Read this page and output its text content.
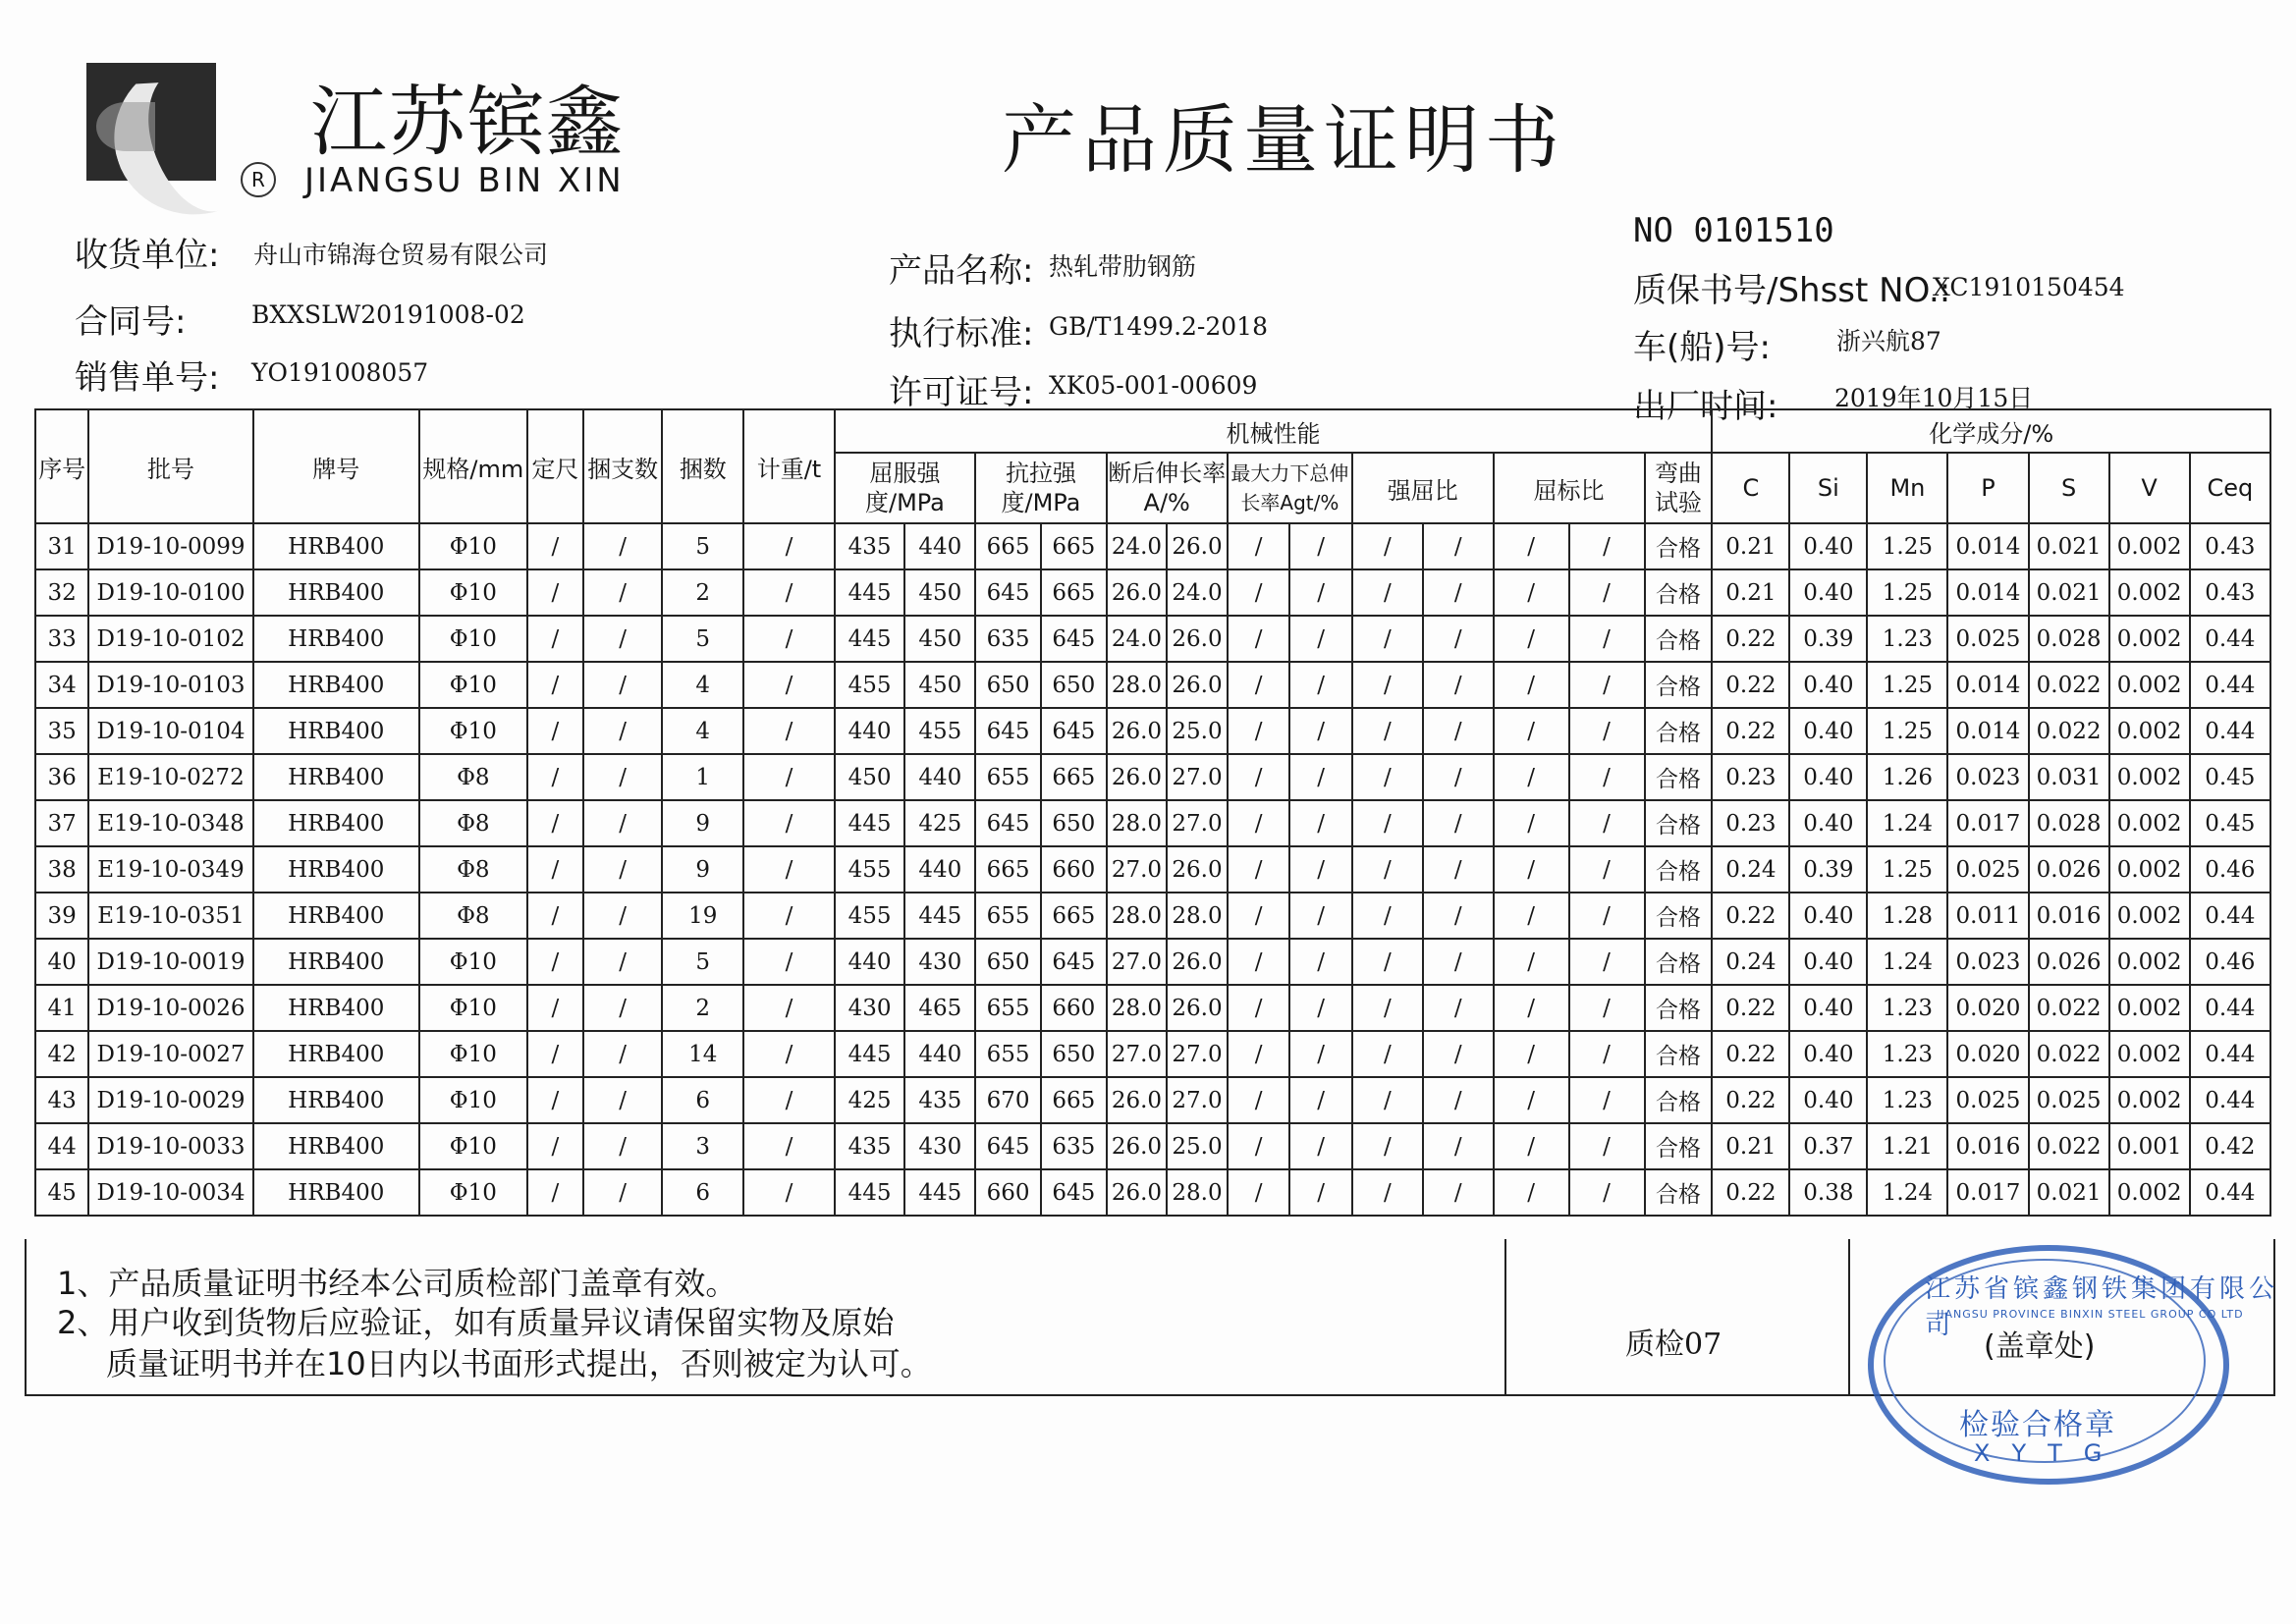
江苏镔鑫
R	JIANGSU BIN XIN	产品质量证明书
收货单位: 舟山市锦海仓贸易有限公司
合同号:	BXXSLW20191008-02
销售单号: YO191008057
产品名称: 热轧带肋钢筋
执行标准: GB/T1499.2-2018
许可证号: XK05-001-00609
NO 0101510
质保书号/Shsst NO.:
XC1910150454
车(船)号:	浙兴航87
出厂时间: 2019年10月15日
序号	批号	牌号	规格/mm	定尺	捆支数	捆数	计重/t	机械性能													化学成分/%						
								屈服强度/MPa		抗拉强度/MPa		断后伸长率A/%		最大力下总伸长率Agt/%		强屈比		屈标比		弯曲试验	C	Si	Mn	P	S	V	Ceq
31	D19-10-0099	HRB400	Φ10	/	/	5	/	435	440	665	665	24.0	26.0	/	/	/	/	/	/	合格	0.21	0.40	1.25	0.014	0.021	0.002	0.43
32	D19-10-0100	HRB400	Φ10	/	/	2	/	445	450	645	665	26.0	24.0	/	/	/	/	/	/	合格	0.21	0.40	1.25	0.014	0.021	0.002	0.43
33	D19-10-0102	HRB400	Φ10	/	/	5	/	445	450	635	645	24.0	26.0	/	/	/	/	/	/	合格	0.22	0.39	1.23	0.025	0.028	0.002	0.44
34	D19-10-0103	HRB400	Φ10	/	/	4	/	455	450	650	650	28.0	26.0	/	/	/	/	/	/	合格	0.22	0.40	1.25	0.014	0.022	0.002	0.44
35	D19-10-0104	HRB400	Φ10	/	/	4	/	440	455	645	645	26.0	25.0	/	/	/	/	/	/	合格	0.22	0.40	1.25	0.014	0.022	0.002	0.44
36	E19-10-0272	HRB400	Φ8	/	/	1	/	450	440	655	665	26.0	27.0	/	/	/	/	/	/	合格	0.23	0.40	1.26	0.023	0.031	0.002	0.45
37	E19-10-0348	HRB400	Φ8	/	/	9	/	445	425	645	650	28.0	27.0	/	/	/	/	/	/	合格	0.23	0.40	1.24	0.017	0.028	0.002	0.45
38	E19-10-0349	HRB400	Φ8	/	/	9	/	455	440	665	660	27.0	26.0	/	/	/	/	/	/	合格	0.24	0.39	1.25	0.025	0.026	0.002	0.46
39	E19-10-0351	HRB400	Φ8	/	/	19	/	455	445	655	665	28.0	28.0	/	/	/	/	/	/	合格	0.22	0.40	1.28	0.011	0.016	0.002	0.44
40	D19-10-0019	HRB400	Φ10	/	/	5	/	440	430	650	645	27.0	26.0	/	/	/	/	/	/	合格	0.24	0.40	1.24	0.023	0.026	0.002	0.46
41	D19-10-0026	HRB400	Φ10	/	/	2	/	430	465	655	660	28.0	26.0	/	/	/	/	/	/	合格	0.22	0.40	1.23	0.020	0.022	0.002	0.44
42	D19-10-0027	HRB400	Φ10	/	/	14	/	445	440	655	650	27.0	27.0	/	/	/	/	/	/	合格	0.22	0.40	1.23	0.020	0.022	0.002	0.44
43	D19-10-0029	HRB400	Φ10	/	/	6	/	425	435	670	665	26.0	27.0	/	/	/	/	/	/	合格	0.22	0.40	1.23	0.025	0.025	0.002	0.44
44	D19-10-0033	HRB400	Φ10	/	/	3	/	435	430	645	635	26.0	25.0	/	/	/	/	/	/	合格	0.21	0.37	1.21	0.016	0.022	0.001	0.42
45	D19-10-0034	HRB400	Φ10	/	/	6	/	445	445	660	645	26.0	28.0	/	/	/	/	/	/	合格	0.22	0.38	1.24	0.017	0.021	0.002	0.44
1、产品质量证明书经本公司质检部门盖章有效。
2、用户收到货物后应验证，如有质量异议请保留实物及原始
质量证明书并在10日内以书面形式提出，否则被定为认可。
质检07	(盖章处)
江苏省镔鑫钢铁集团有限公司
JIANGSU PROVINCE BINXIN STEEL GROUP CO LTD
检验合格章
XYTG
